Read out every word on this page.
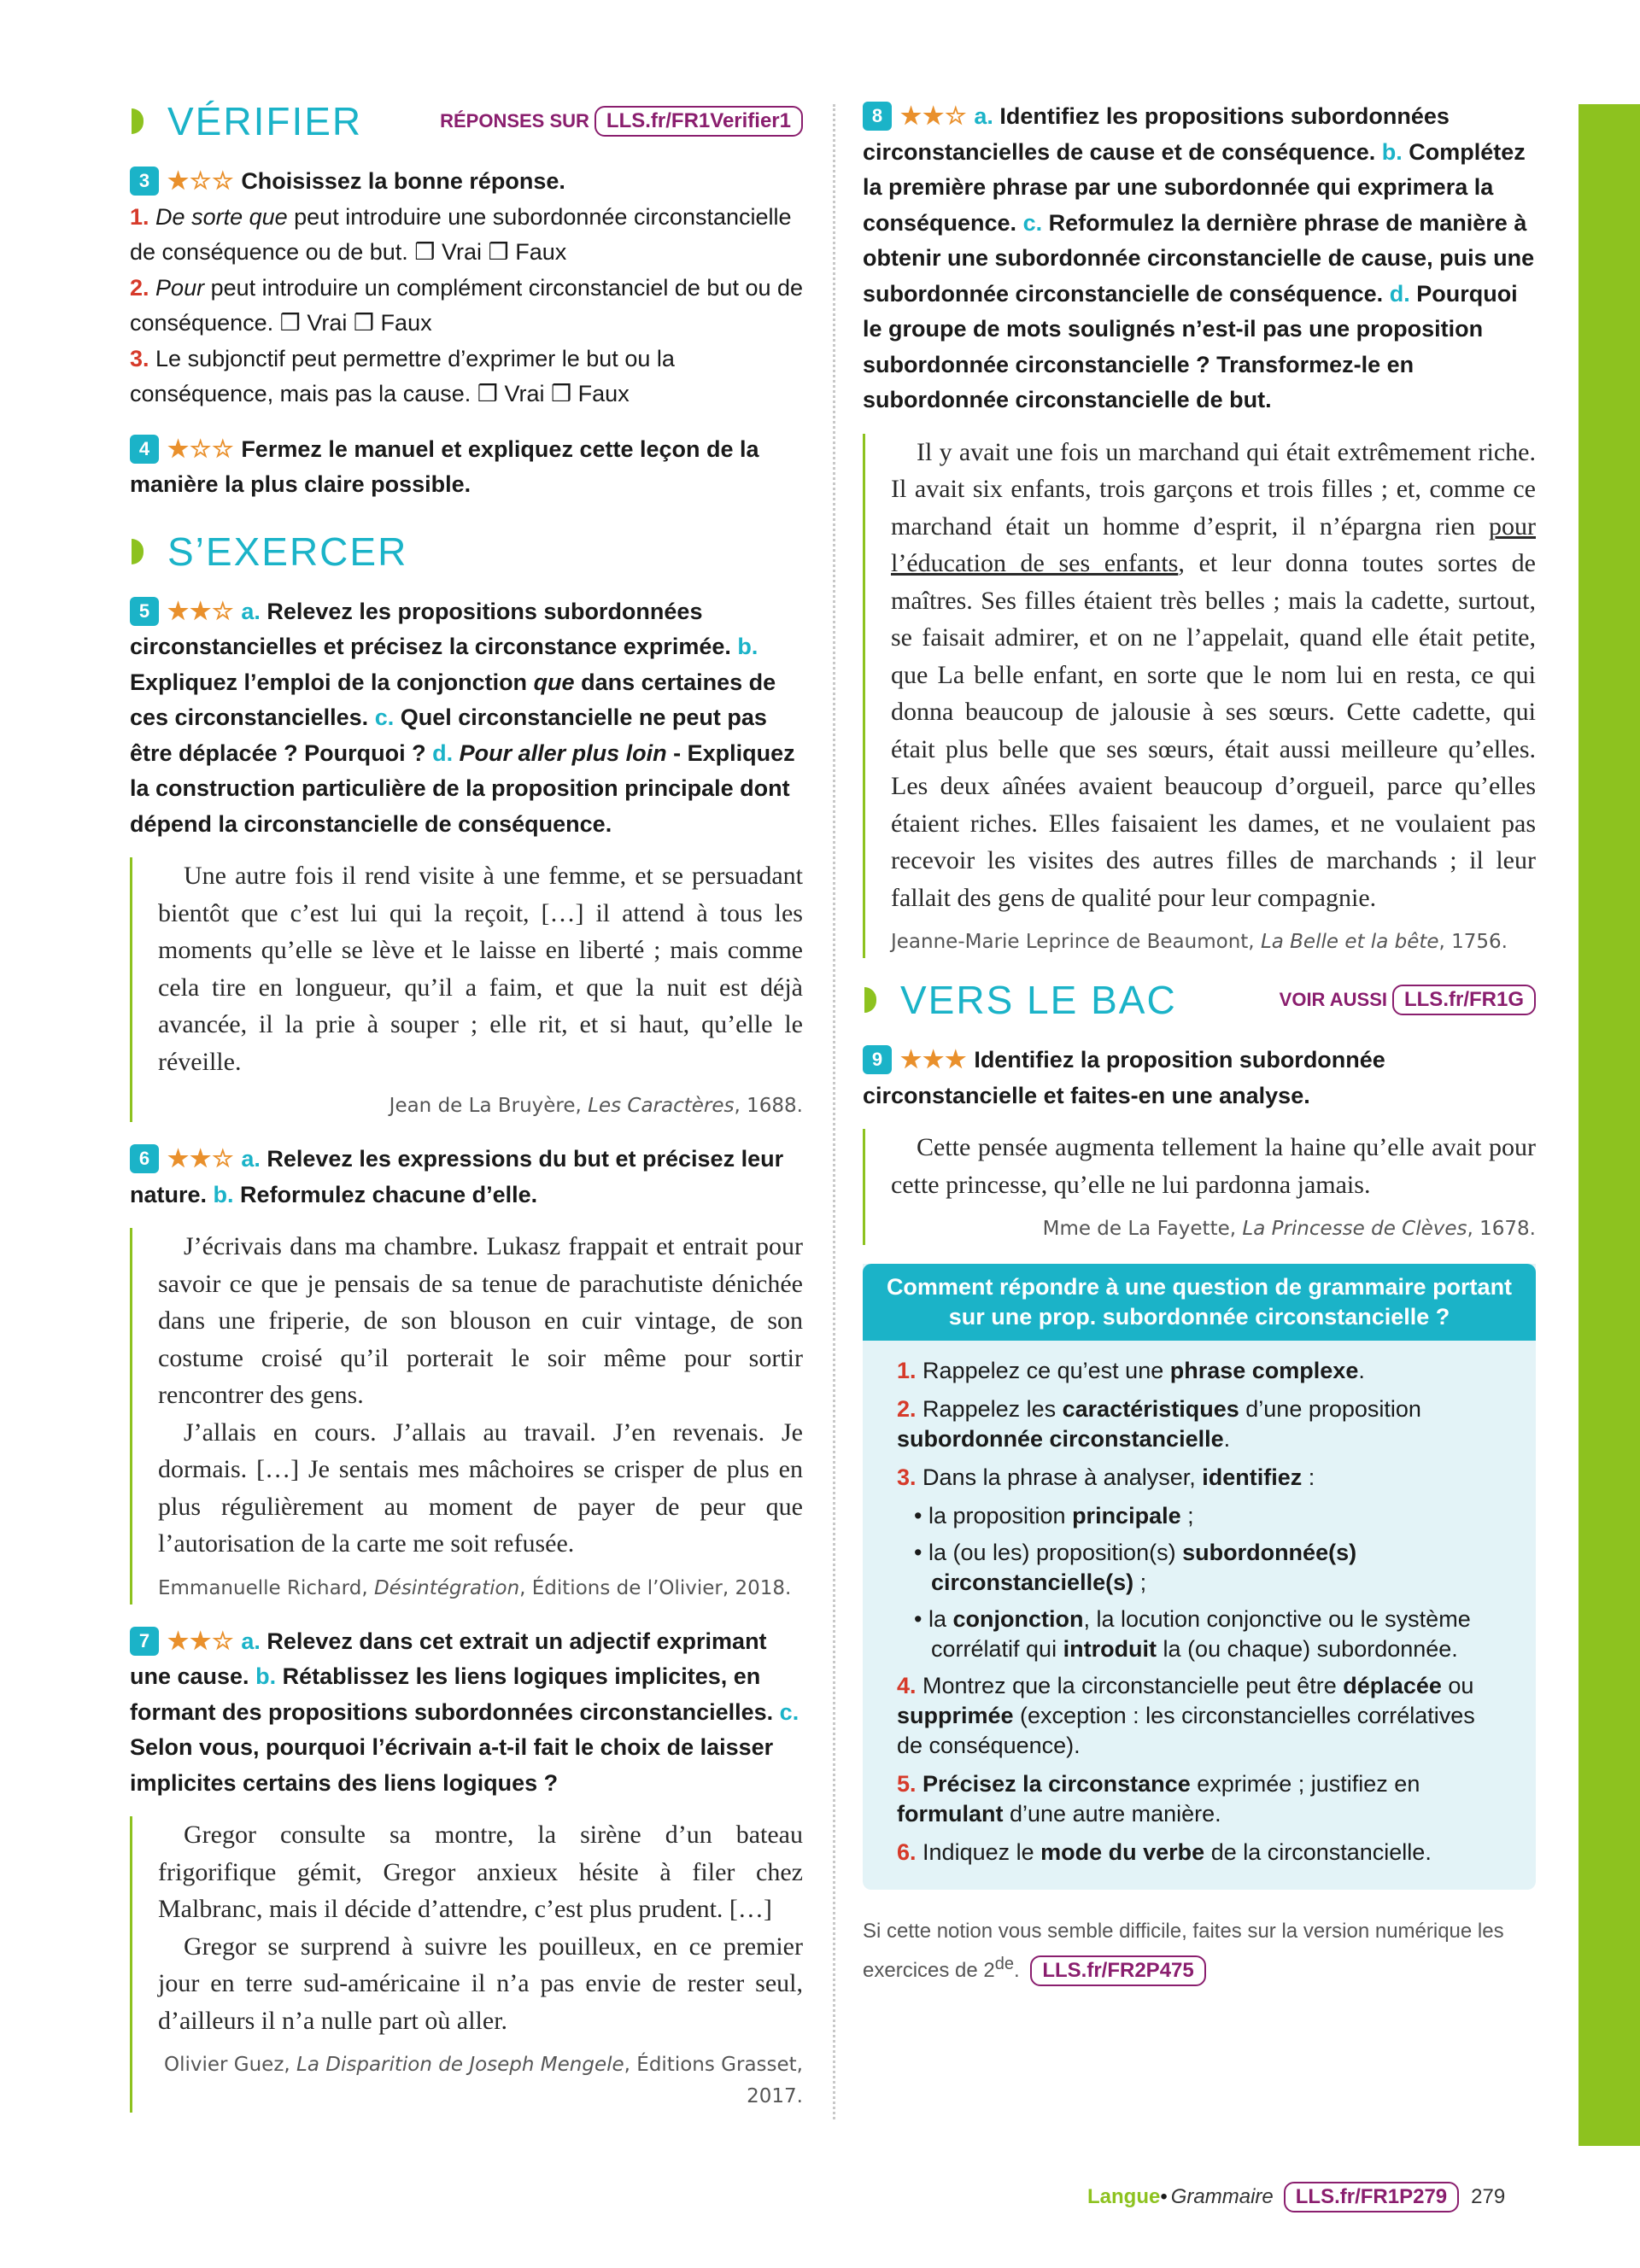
VÉRIFIER	RÉPONSES SUR LLS.fr/FR1Verifier1
3 ★☆☆ Choisissez la bonne réponse.
1. De sorte que peut introduire une subordonnée circonstancielle de conséquence ou de but. ❒ Vrai ❒ Faux
2. Pour peut introduire un complément circonstanciel de but ou de conséquence. ❒ Vrai ❒ Faux
3. Le subjonctif peut permettre d’exprimer le but ou la conséquence, mais pas la cause. ❒ Vrai ❒ Faux
4 ★☆☆ Fermez le manuel et expliquez cette leçon de la manière la plus claire possible.
S’EXERCER
5 ★★☆ a. Relevez les propositions subordonnées circonstancielles et précisez la circonstance exprimée. b. Expliquez l’emploi de la conjonction que dans certaines de ces circonstancielles. c. Quel circonstancielle ne peut pas être déplacée ? Pourquoi ? d. Pour aller plus loin - Expliquez la construction particulière de la proposition principale dont dépend la circonstancielle de conséquence.

Une autre fois il rend visite à une femme, et se persuadant bientôt que c’est lui qui la reçoit, […] il attend à tous les moments qu’elle se lève et le laisse en liberté ; mais comme cela tire en longueur, qu’il a faim, et que la nuit est déjà avancée, il la prie à souper ; elle rit, et si haut, qu’elle le réveille.

Jean de La Bruyère, Les Caractères, 1688.
6 ★★☆ a. Relevez les expressions du but et précisez leur nature. b. Reformulez chacune d’elle.

J’écrivais dans ma chambre. Lukasz frappait et entrait pour savoir ce que je pensais de sa tenue de parachutiste dénichée dans une friperie, de son blouson en cuir vintage, de son costume croisé qu’il porterait le soir même pour sortir rencontrer des gens.

J’allais en cours. J’allais au travail. J’en revenais. Je dormais. […] Je sentais mes mâchoires se crisper de plus en plus régulièrement au moment de payer de peur que l’autorisation de la carte me soit refusée.

Emmanuelle Richard, Désintégration, Éditions de l’Olivier, 2018.
7 ★★☆ a. Relevez dans cet extrait un adjectif exprimant une cause. b. Rétablissez les liens logiques implicites, en formant des propositions subordonnées circonstancielles. c. Selon vous, pourquoi l’écrivain a-t-il fait le choix de laisser implicites certains des liens logiques ?

Gregor consulte sa montre, la sirène d’un bateau frigorifique gémit, Gregor anxieux hésite à filer chez Malbranc, mais il décide d’attendre, c’est plus prudent. […]

Gregor se surprend à suivre les pouilleux, en ce premier jour en terre sud-américaine il n’a pas envie de rester seul, d’ailleurs il n’a nulle part où aller.

Olivier Guez, La Disparition de Joseph Mengele, Éditions Grasset, 2017.
8 ★★☆ a. Identifiez les propositions subordonnées circonstancielles de cause et de conséquence. b. Complétez la première phrase par une subordonnée qui exprimera la conséquence. c. Reformulez la dernière phrase de manière à obtenir une subordonnée circonstancielle de cause, puis une subordonnée circonstancielle de conséquence. d. Pourquoi le groupe de mots soulignés n’est-il pas une proposition subordonnée circonstancielle ? Transformez-le en subordonnée circonstancielle de but.

Il y avait une fois un marchand qui était extrêmement riche. Il avait six enfants, trois garçons et trois filles ; et, comme ce marchand était un homme d’esprit, il n’épargna rien pour l’éducation de ses enfants, et leur donna toutes sortes de maîtres. Ses filles étaient très belles ; mais la cadette, surtout, se faisait admirer, et on ne l’appelait, quand elle était petite, que La belle enfant, en sorte que le nom lui en resta, ce qui donna beaucoup de jalousie à ses sœurs. Cette cadette, qui était plus belle que ses sœurs, était aussi meilleure qu’elles. Les deux aînées avaient beaucoup d’orgueil, parce qu’elles étaient riches. Elles faisaient les dames, et ne voulaient pas recevoir les visites des autres filles de marchands ; il leur fallait des gens de qualité pour leur compagnie.

Jeanne-Marie Leprince de Beaumont, La Belle et la bête, 1756.
VERS LE BAC	VOIR AUSSI LLS.fr/FR1G
9 ★★★ Identifiez la proposition subordonnée circonstancielle et faites-en une analyse.

Cette pensée augmenta tellement la haine qu’elle avait pour cette princesse, qu’elle ne lui pardonna jamais.

Mme de La Fayette, La Princesse de Clèves, 1678.
Comment répondre à une question de grammaire portant sur une prop. subordonnée circonstancielle ?
1. Rappelez ce qu’est une phrase complexe.
2. Rappelez les caractéristiques d’une proposition subordonnée circonstancielle.
3. Dans la phrase à analyser, identifiez :
• la proposition principale ;
• la (ou les) proposition(s) subordonnée(s) circonstancielle(s) ;
• la conjonction, la locution conjonctive ou le système corrélatif qui introduit la (ou chaque) subordonnée.
4. Montrez que la circonstancielle peut être déplacée ou supprimée (exception : les circonstancielles corrélatives de conséquence).
5. Précisez la circonstance exprimée ; justifiez en formulant d’une autre manière.
6. Indiquez le mode du verbe de la circonstancielle.
Si cette notion vous semble difficile, faites sur la version numérique les exercices de 2de. LLS.fr/FR2P475
Langue • Grammaire	LLS.fr/FR1P279	279
